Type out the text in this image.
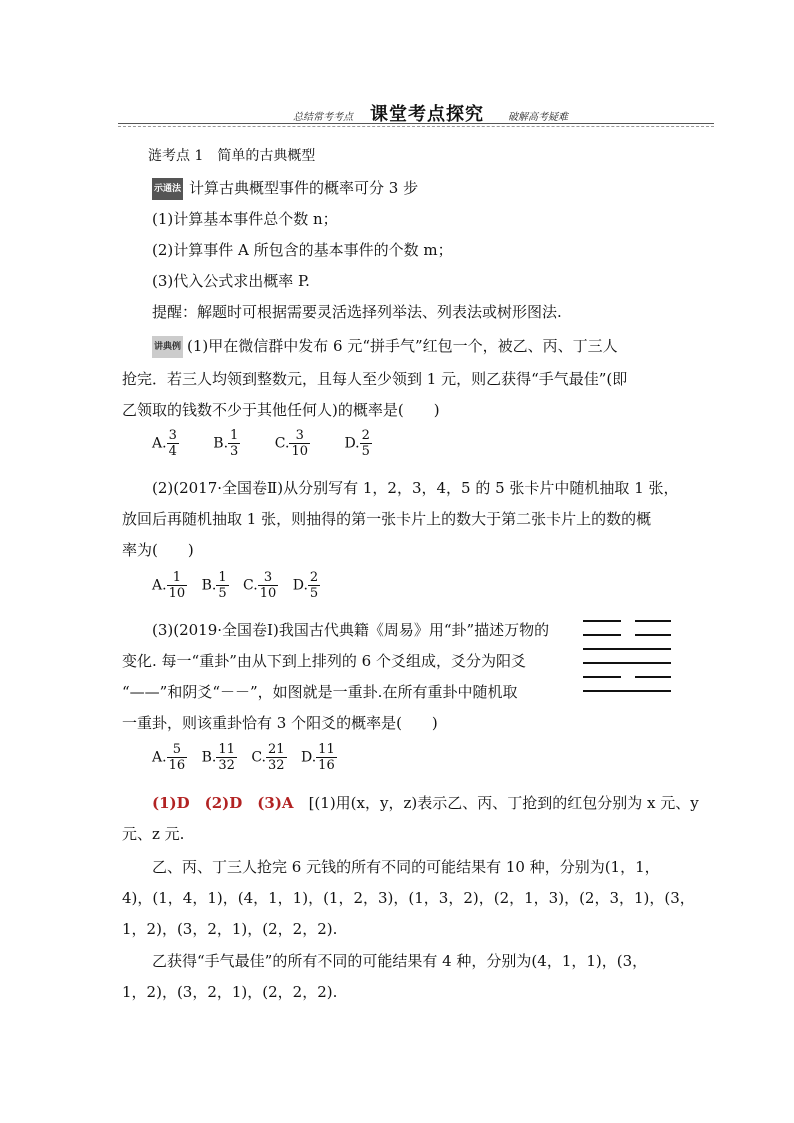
总结常考考点 课堂考点探究 破解高考疑难
涟考点 1　简单的古典概型
示通法 计算古典概型事件的概率可分 3 步
(1)计算基本事件总个数 n；
(2)计算事件 A 所包含的基本事件的个数 m；
(3)代入公式求出概率 P.
提醒：解题时可根据需要灵活选择列举法、列表法或树形图法.
讲典例 (1)甲在微信群中发布 6 元“拼手气”红包一个，被乙、丙、丁三人
抢完．若三人均领到整数元，且每人至少领到 1 元，则乙获得“手气最佳”(即
乙领取的钱数不少于其他任何人)的概率是(　　)
A. $\frac{3}{4} B$. $\frac{1}{3} C$. $\frac{3}{10} D$. $\frac{2}{5}$
(2)(2017·全国卷Ⅱ)从分别写有 1，2，3，4，5 的 5 张卡片中随机抽取 1 张，
放回后再随机抽取 1 张，则抽得的第一张卡片上的数大于第二张卡片上的数的概
率为(　　)
A. $\frac{1}{10} B$. $\frac{1}{5} C$. $\frac{3}{10} D$. $\frac{2}{5}$
(3)(2019·全国卷Ⅰ)我国古代典籍《周易》用“卦”描述万物的
变化. 每一“重卦”由从下到上排列的 6 个爻组成，爻分为阳爻
“——”和阴爻“－－”，如图就是一重卦.在所有重卦中随机取
一重卦，则该重卦恰有 3 个阳爻的概率是(　　)
A. $\frac{5}{16} B$. $\frac{11}{32} C$. $\frac{21}{32} D$. $\frac{11}{16}$
(1)D　(2)D　(3)A　 [(1)用(x，y，z)表示乙、丙、丁抢到的红包分别为 x 元、y
元、z 元.
乙、丙、丁三人抢完 6 元钱的所有不同的可能结果有 10 种，分别为(1，1，
4)，(1，4，1)，(4，1，1)，(1，2，3)，(1，3，2)，(2，1，3)，(2，3，1)，(3，
1，2)，(3，2，1)，(2，2，2).
乙获得“手气最佳”的所有不同的可能结果有 4 种，分别为(4，1，1)，(3，
1，2)，(3，2，1)，(2，2，2).
